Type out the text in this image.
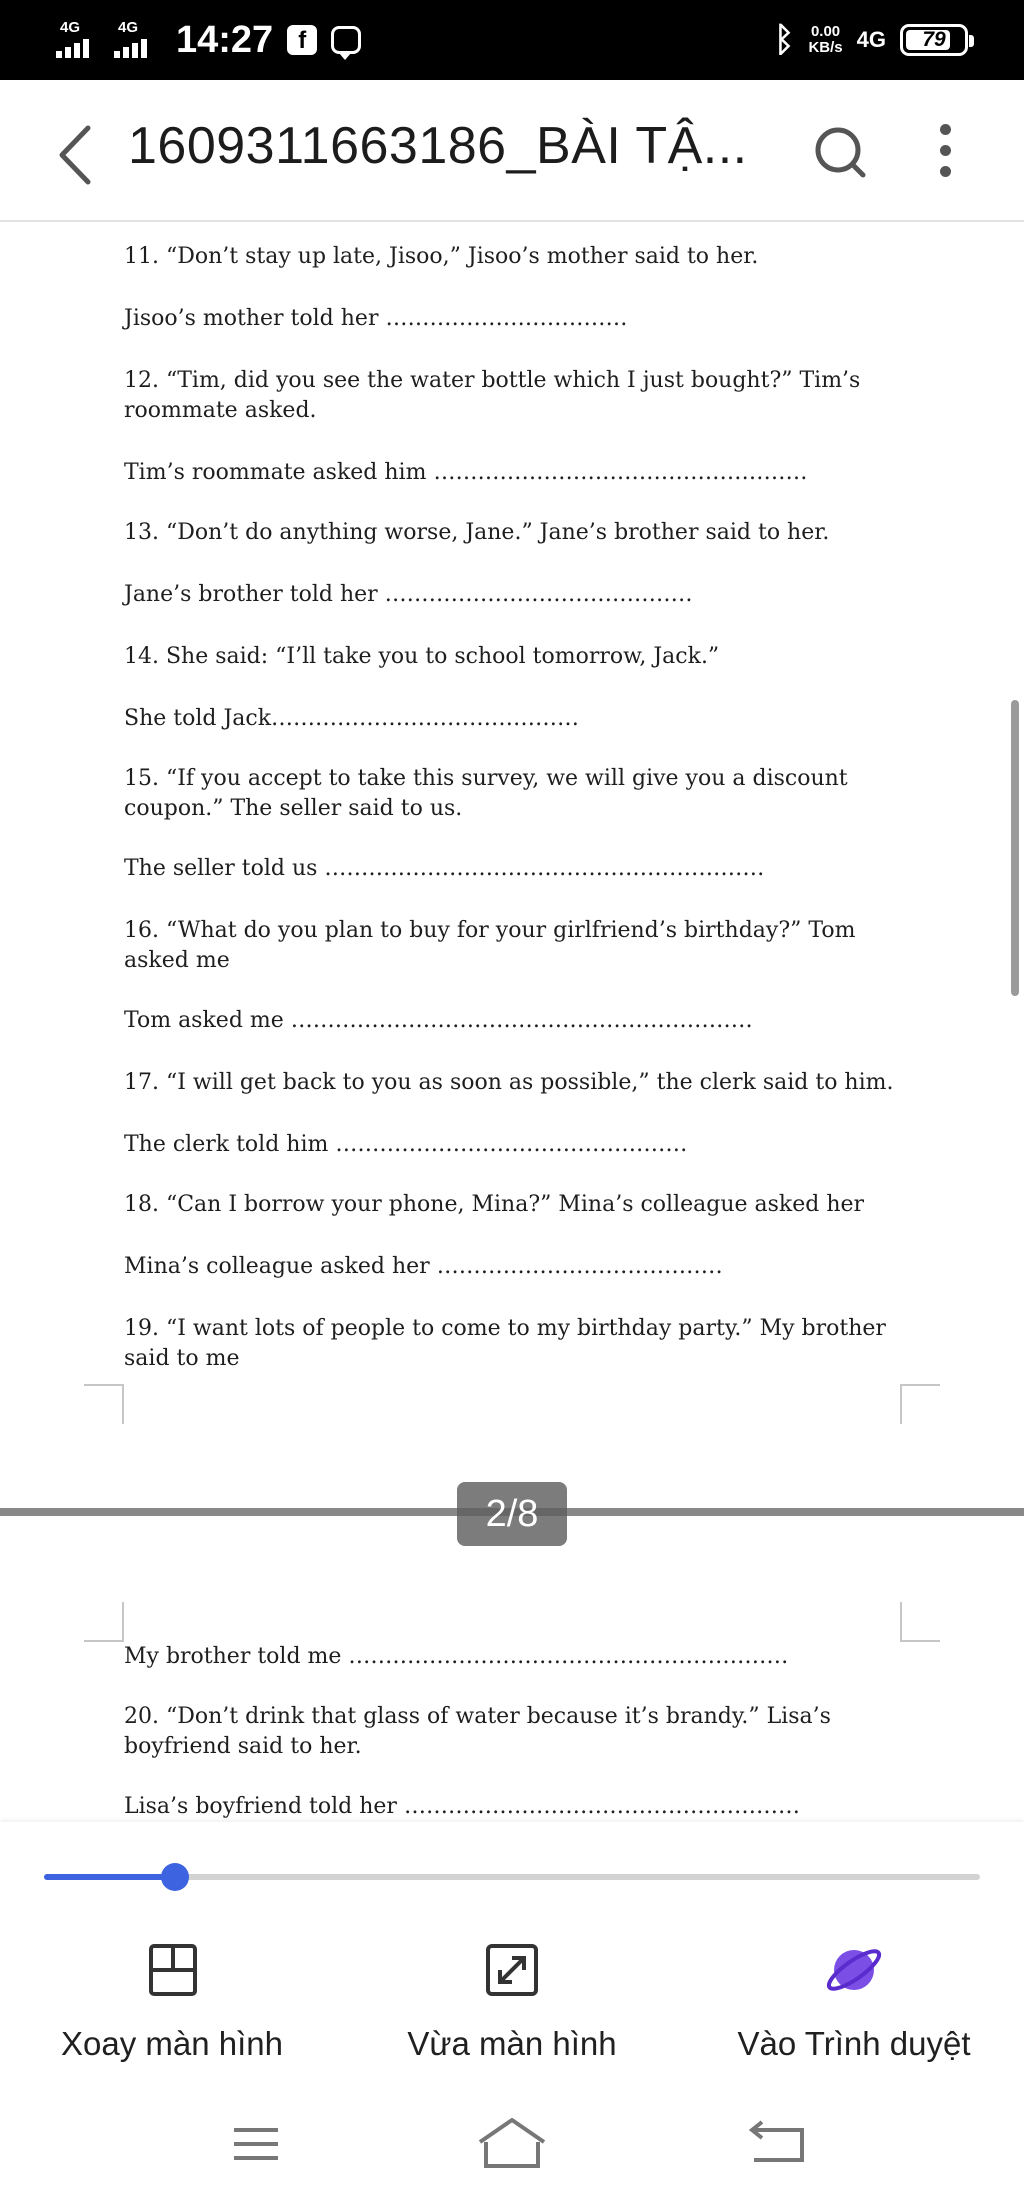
4G	4G 14:27	f	ᛒ 0.00
KB/s 4G 79
1609311663186_BÀI TẬ...
11. “Don’t stay up late, Jisoo,” Jisoo’s mother said to her.
Jisoo’s mother told her ……………………………
12. “Tim, did you see the water bottle which I just bought?” Tim’s roommate asked.
Tim’s roommate asked him ……………………………………………
13. “Don’t do anything worse, Jane.” Jane’s brother said to her.
Jane’s brother told her ……………………………………
14. She said: “I’ll take you to school tomorrow, Jack.”
She told Jack……………………………………
15. “If you accept to take this survey, we will give you a discount coupon.” The seller said to us.
The seller told us ……………………………………………………
16. “What do you plan to buy for your girlfriend’s birthday?” Tom asked me
Tom asked me ………………………………………………………
17. “I will get back to you as soon as possible,” the clerk said to him.
The clerk told him …………………………………………
18. “Can I borrow your phone, Mina?” Mina’s colleague asked her
Mina’s colleague asked her …………………………………
19. “I want lots of people to come to my birthday party.” My brother said to me
My brother told me ……………………………………………………
20. “Don’t drink that glass of water because it’s brandy.” Lisa’s boyfriend said to her.
Lisa’s boyfriend told her ………………………………………………
2/8
Xoay màn hình	Vừa màn hình	Vào Trình duyệt
